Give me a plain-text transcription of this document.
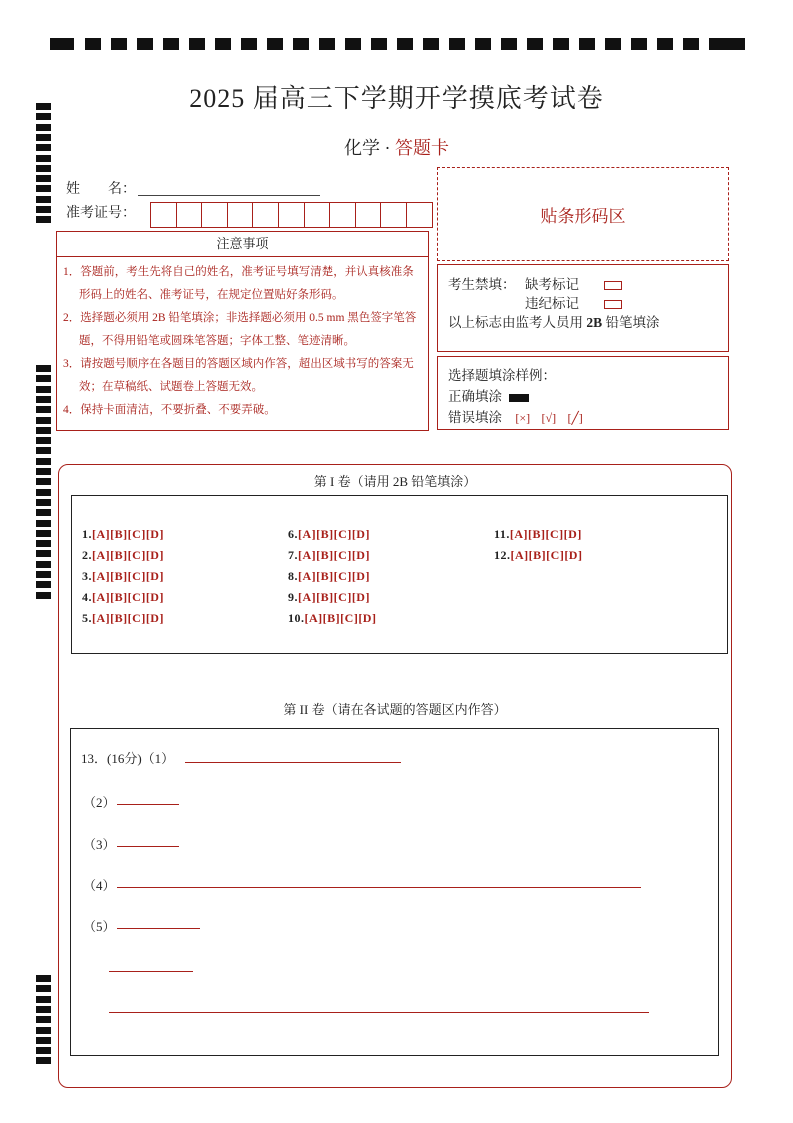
2025 届高三下学期开学摸底考试卷
化学 · 答题卡
姓　　名：
准考证号：	贴条形码区
注意事项
1．答题前，考生先将自己的姓名，准考证号填写清楚，并认真核准条形码上的姓名、准考证号，在规定位置贴好条形码。
2．选择题必须用 2B 铅笔填涂；非选择题必须用 0.5 mm 黑色签字笔答题，不得用铅笔或圆珠笔答题；字体工整、笔迹清晰。
3．请按题号顺序在各题目的答题区域内作答，超出区域书写的答案无效；在草稿纸、试题卷上答题无效。
4．保持卡面清洁，不要折叠、不要弄破。
考生禁填： 缺考标记
违纪标记
以上标志由监考人员用 2B 铅笔填涂
选择题填涂样例：
正确填涂
错误填涂 [×] [√] [╱]
第 I 卷（请用 2B 铅笔填涂）
第 II 卷（请在各试题的答题区内作答）
1.[A][B][C][D]
2.[A][B][C][D]
3.[A][B][C][D]
4.[A][B][C][D]
5.[A][B][C][D]
6.[A][B][C][D]
7.[A][B][C][D]
8.[A][B][C][D]
9.[A][B][C][D]
10.[A][B][C][D]
11.[A][B][C][D]
12.[A][B][C][D]
13．(16分)（1）
（2）
（3）
（4）
（5）
